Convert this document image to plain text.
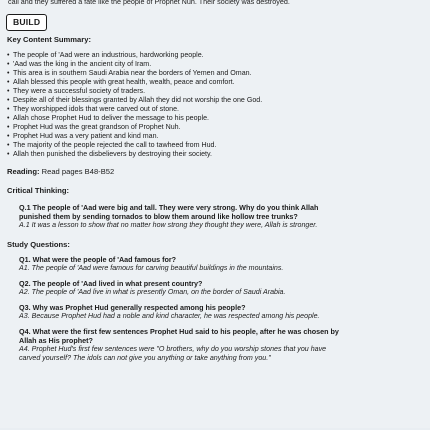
call and they suffered a fate like the people of Prophet Nuh. Their society was destroyed.
BUILD
Key Content Summary:
• The people of 'Aad were an industrious, hardworking people.
• 'Aad was the king in the ancient city of Iram.
• This area is in southern Saudi Arabia near the borders of Yemen and Oman.
• Allah blessed this people with great health, wealth, peace and comfort.
• They were a successful society of traders.
• Despite all of their blessings granted by Allah they did not worship the one God.
• They worshipped idols that were carved out of stone.
• Allah chose Prophet Hud to deliver the message to his people.
• Prophet Hud was the great grandson of Prophet Nuh.
• Prophet Hud was a very patient and kind man.
• The majority of the people rejected the call to tawheed from Hud.
• Allah then punished the disbelievers by destroying their society.
Reading: Read pages B48-B52
Critical Thinking:
Q.1 The people of 'Aad were big and tall. They were very strong. Why do you think Allah
punished them by sending tornados to blow them around like hollow tree trunks?
A.1 It was a lesson to show that no matter how strong they thought they were, Allah is stronger.
Study Questions:
Q1. What were the people of 'Aad famous for?
A1. The people of 'Aad were famous for carving beautiful buildings in the mountains.
Q2. The people of 'Aad lived in what present country?
A2. The people of 'Aad live in what is presently Oman, on the border of Saudi Arabia.
Q3. Why was Prophet Hud generally respected among his people?
A3. Because Prophet Hud had a noble and kind character, he was respected among his people.
Q4. What were the first few sentences Prophet Hud said to his people, after he was chosen by
Allah as His prophet?
A4. Prophet Hud's first few sentences were "O brothers, why do you worship stones that you have
carved yourself? The idols can not give you anything or take anything from you."
